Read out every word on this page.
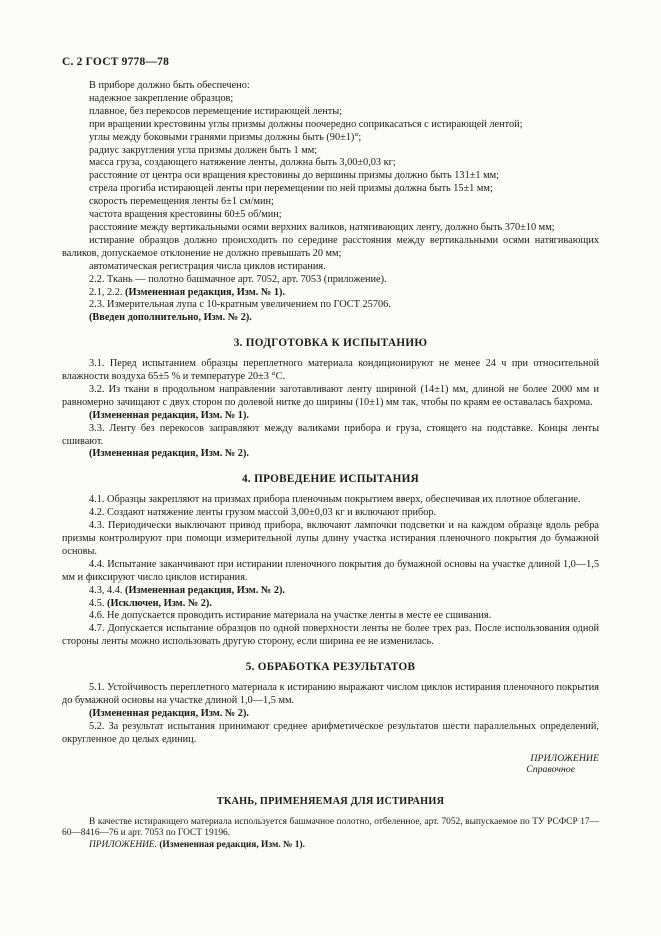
С. 2 ГОСТ 9778—78

В приборе должно быть обеспечено:

надежное закрепление образцов;

плавное, без перекосов перемещение истирающей ленты;

при вращении крестовины углы призмы должны поочередно соприкасаться с истирающей лентой;

углы между боковыми гранями призмы должны быть (90±1)°;

радиус закругления угла призмы должен быть 1 мм;

масса груза, создающего натяжение ленты, должна быть 3,00±0,03 кг;

расстояние от центра оси вращения крестовины до вершины призмы должно быть 131±1 мм;

стрела прогиба истирающей ленты при перемещении по ней призмы должна быть 15±1 мм;

скорость перемещения ленты 6±1 см/мин;

частота вращения крестовины 60±5 об/мин;

расстояние между вертикальными осями верхних валиков, натягивающих ленту, должно быть 370±10 мм;

истирание образцов должно происходить по середине расстояния между вертикальными осями натягивающих валиков, допускаемое отклонение не должно превышать 20 мм;

автоматическая регистрация числа циклов истирания.

2.2. Ткань — полотно башмачное арт. 7052, арт. 7053 (приложение).

2.1, 2.2. (Измененная редакция, Изм. № 1).

2.3. Измерительная лупа с 10-кратным увеличением по ГОСТ 25706.

(Введен дополнительно, Изм. № 2).

3. ПОДГОТОВКА К ИСПЫТАНИЮ

3.1. Перед испытанием образцы переплетного материала кондиционируют не менее 24 ч при относительной влажности воздуха 65±5 % и температуре 20±3 °С.

3.2. Из ткани в продольном направлении заготавливают ленту шириной (14±1) мм, длиной не более 2000 мм и равномерно зачищают с двух сторон по долевой нитке до ширины (10±1) мм так, чтобы по краям ее оставалась бахрома.

(Измененная редакция, Изм. № 1).

3.3. Ленту без перекосов заправляют между валиками прибора и груза, стоящего на подставке. Концы ленты сшивают.

(Измененная редакция, Изм. № 2).

4. ПРОВЕДЕНИЕ ИСПЫТАНИЯ

4.1. Образцы закрепляют на призмах прибора пленочным покрытием вверх, обеспечивая их плотное облегание.

4.2. Создают натяжение ленты грузом массой 3,00±0,03 кг и включают прибор.

4.3. Периодически выключают привод прибора, включают лампочки подсветки и на каждом образце вдоль ребра призмы контролируют при помощи измерительной лупы длину участка истирания пленочного покрытия до бумажной основы.

4.4. Испытание заканчивают при истирании пленочного покрытия до бумажной основы на участке длиной 1,0—1,5 мм и фиксируют число циклов истирания.

4.3, 4.4. (Измененная редакция, Изм. № 2).

4.5. (Исключен, Изм. № 2).

4.6. Не допускается проводить истирание материала на участке ленты в месте ее сшивания.

4.7. Допускается испытание образцов по одной поверхности ленты не более трех раз. После использования одной стороны ленты можно использовать другую сторону, если ширина ее не изменилась.

5. ОБРАБОТКА РЕЗУЛЬТАТОВ

5.1. Устойчивость переплетного материала к истиранию выражают числом циклов истирания пленочного покрытия до бумажной основы на участке длиной 1,0—1,5 мм.

(Измененная редакция, Изм. № 2).

5.2. За результат испытания принимают среднее арифметическое результатов шести параллельных определений, округленное до целых единиц.

ПРИЛОЖЕНИЕ
Справочное
ТКАНЬ, ПРИМЕНЯЕМАЯ ДЛЯ ИСТИРАНИЯ

В качестве истирающего материала используется башмачное полотно, отбеленное, арт. 7052, выпускаемое по ТУ РСФСР 17—60—8416—76 и арт. 7053 по ГОСТ 19196.

ПРИЛОЖЕНИЕ. (Измененная редакция, Изм. № 1).
